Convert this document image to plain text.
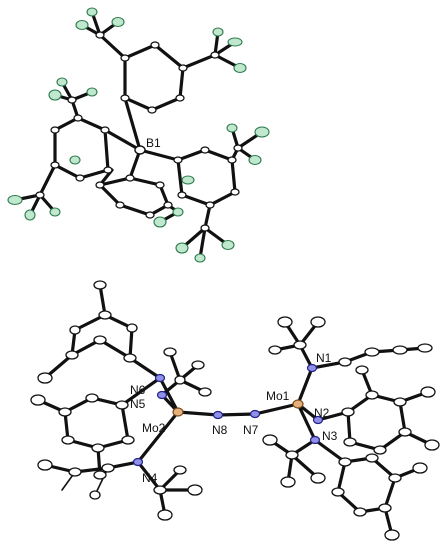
B1
N1
Mo1
N2
N3
N7
N8
Mo2
N6
N5
N4
